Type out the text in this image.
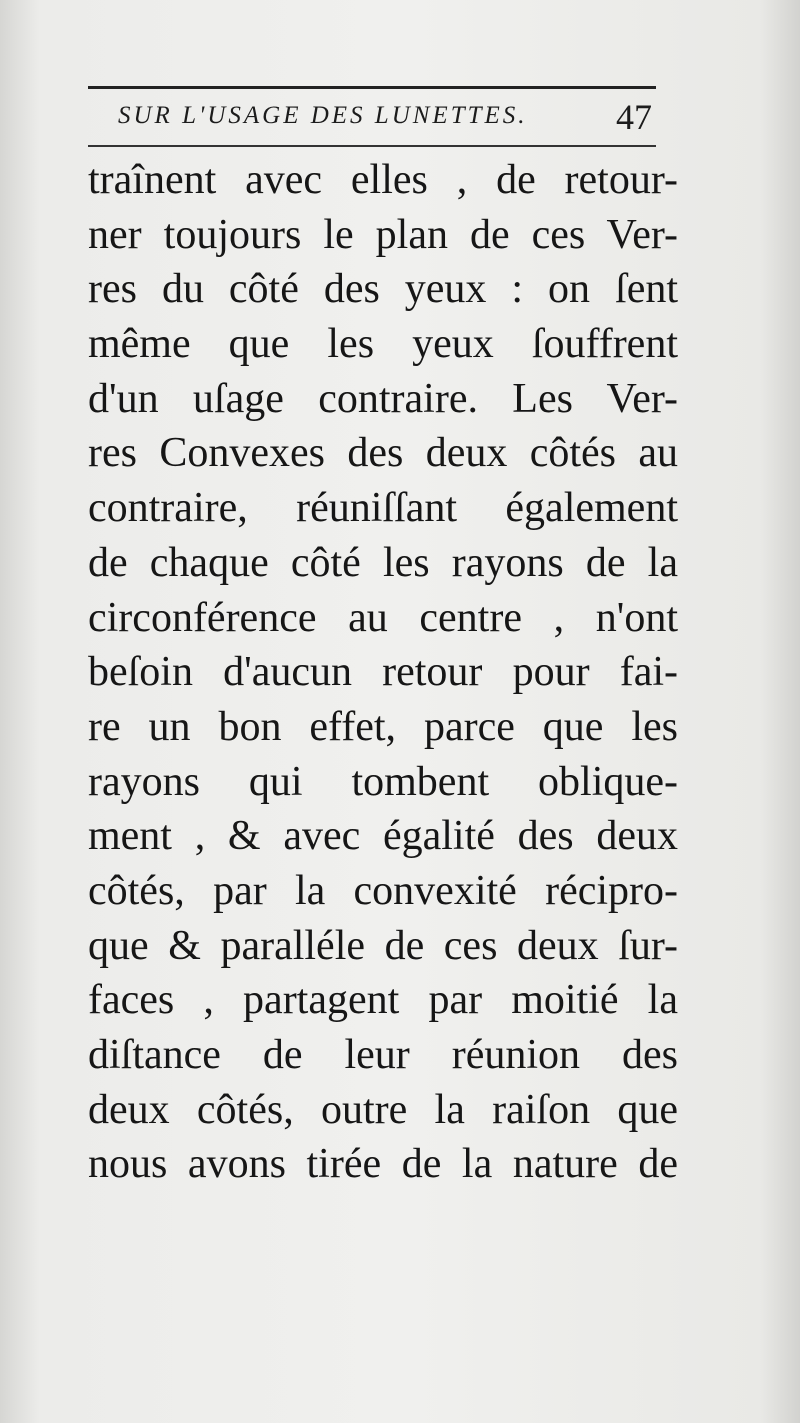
SUR L'USAGE DES LUNETTES. 47
traînent avec elles , de retour-
ner toujours le plan de ces Ver-
res du côté des yeux : on ſent
même que les yeux ſouffrent
d'un uſage contraire. Les Ver-
res Convexes des deux côtés au
contraire, réuniſſant également
de chaque côté les rayons de la
circonférence au centre , n'ont
beſoin d'aucun retour pour fai-
re un bon effet, parce que les
rayons qui tombent oblique-
ment , & avec égalité des deux
côtés, par la convexité récipro-
que & paralléle de ces deux ſur-
faces , partagent par moitié la
diſtance de leur réunion des
deux côtés, outre la raiſon que
nous avons tirée de la nature de
